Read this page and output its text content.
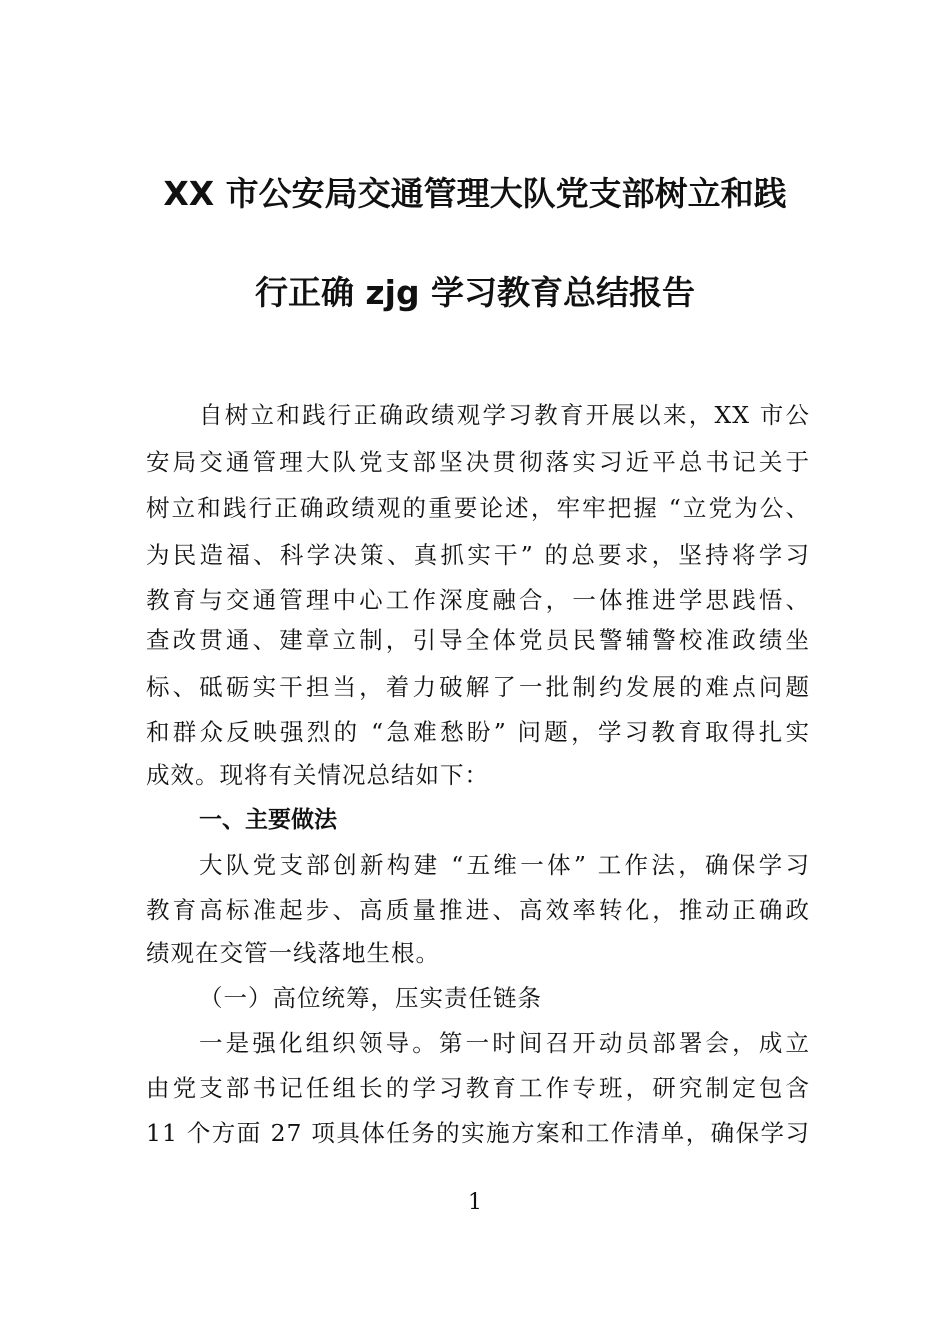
XX 市公安局交通管理大队党支部树立和践
行正确 zjg 学习教育总结报告
自树立和践行正确政绩观学习教育开展以来，XX 市公
安局交通管理大队党支部坚决贯彻落实习近平总书记关于
树立和践行正确政绩观的重要论述，牢牢把握 “立党为公、
为民造福、科学决策、真抓实干” 的总要求，坚持将学习
教育与交通管理中心工作深度融合，一体推进学思践悟、
查改贯通、建章立制，引导全体党员民警辅警校准政绩坐
标、砥砺实干担当，着力破解了一批制约发展的难点问题
和群众反映强烈的 “急难愁盼” 问题，学习教育取得扎实
成效。现将有关情况总结如下：
一、主要做法
大队党支部创新构建 “五维一体” 工作法，确保学习
教育高标准起步、高质量推进、高效率转化，推动正确政
绩观在交管一线落地生根。
（一）高位统筹，压实责任链条
一是强化组织领导。第一时间召开动员部署会，成立
由党支部书记任组长的学习教育工作专班，研究制定包含
11 个方面 27 项具体任务的实施方案和工作清单，确保学习
1
